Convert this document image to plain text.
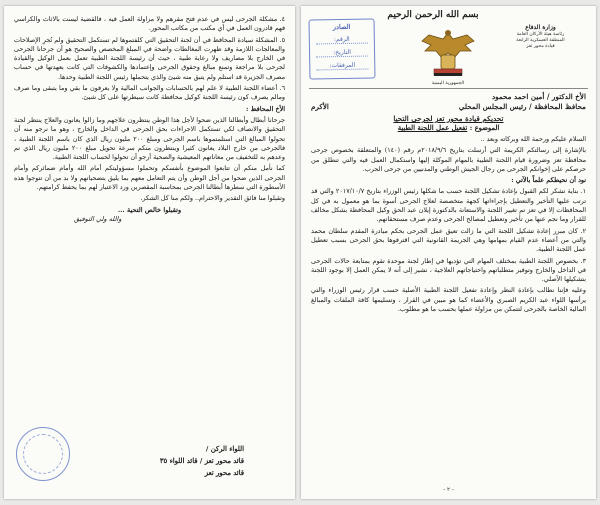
٤. مشكلة الجرحى ليس في عدم فتح مقرهم ولا مزاولة العمل فيه ، فالقضية ليست بالاثاث والكراسي فهم قادرون العمل في أي مكتب من مكاتب المحور.

٥. المشكلة سيادة المحافظ في أن لجنة التحقيق التي كلفتموها لم تستكمل التحقيق ولم تُجرِ الإصلاحات والمعالجات اللازمة وقد ظهرت المغالطات واضحة في المبلغ المخصص والصحيح هو أن جرحانا الجرحى في الخارج بلا مصاريف ولا رعاية طبية ، حيث أن رئيسة اللجنة الطبية تعمل بعمل الوكيل والقيادة لجرحى بلا مراجعة وتمنع مبالغ وحقوق الجرحى وإعتمادها والكشوفات التي كانت بعهدتها في حساب مصرف الجزيرة قد استلم ولم يتبق منه شيئ والذي يتحملها رئيس اللجنة الطبية وحدها.

٦. أعضاء اللجنة الطبية لا علم لهم بالحسابات والجوانب المالية ولا يعرفون ما بقي وما يتبقى وما صرف ومالم يصرف كون رئيسة اللجنة كوكيل محافظة كانت سيطرتها على كل شيئ.

الأخ المحافظ :

جرحانا أبطال وأبطالنا الذين ضحوا لأجل هذا الوطن ينتظرون علاجهم وما زالوا يعانون والعلاج ينتظر لجنة التحقيق والانصاف لكي تستكمل الاجراءات بحق الجرحى في الداخل والخارج ، وهو ما نرجو منه أن تحولوا المبالغ التي استلمتموها باسم الجرحى ومبلغ ٢٠٠ مليون ريال الذي كان باسم اللجنة الطبية ، فالجرحى من خارج البلاد يعانون كثيرا وينتظرون منكم سرعة تحويل مبلغ ٢٠٠ مليون ريال الذي تم وعدهم به للتخفيف من معاناتهم المعيشية والصحية أرجو أن تحولوا لحساب اللجنة الطبية.

كما نأمل منكم أن تتابعوا الموضوع بأنفسكم وتحملوا مسؤوليتكم أمام الله وأمام ضمائركم وأمام الجرحى الذين ضحوا من أجل الوطن وأن يتم التعامل معهم بما يليق بتضحياتهم ولا بد من أن تتوجوا هذه الأسطورة التي سطرها أبطالنا الجرحى بمحاسبة المقصرين ورد الاعتبار لهم بما يحفظ كرامتهم.

وتقبلوا منا فائق التقدير والاحترام.. ولكم منا كل الشكر.

وتقبلوا خالص التحية ...

والله ولي التوفيق

اللواء الركن /

قائد محور تعز / قائد اللواء ٣٥

قائد محور تعز

بسم الله الرحمن الرحيم
وزارة الدفاع
رئاسة هيئة الأركان العامة
المنطقة العسكرية الرابعة
قيادة محور تعز
الجمهورية اليمنية
الصادر
الرقم:
التاريخ:
المرفقات:

الأخ الدكتور / أمين احمد محمود

محافظ المحافظة / رئيس المجلس المحلي

الأكرم

تحديكم قيادة محور تعز لجرحى التحيا

الموضوع : تفعيل عمل اللجنة الطبية

السلام عليكم ورحمة الله وبركاته وبعد ..

بالإشارة إلى رسالتكم الكريمة التي أرسلت بتاريخ ٢٠١٨/٩/٦م رقم (١٤٠) والمتعلقة بخصوص جرحى محافظة تعز وضرورة قيام اللجنة الطبية بالمهام الموكلة إليها واستكمال العمل فيه والتي تنطلق من حرصكم على إخوانكم الجرحى من رجال الجيش الوطني والمدنيين من جرحى الحرب.

نود أن نحيطكم علماً بالآتي :

١. بناية تشكر لكم القبول بإعادة تشكيل اللجنة حسب ما شكلها رئيس الوزراء بتاريخ ٢٠١٧/١٠/٧ والتي قد ترتب عليها التأخير والتعطيل بإجراءاتها كجهة متخصصة لعلاج الجرحى أسوة بما هو معمول به في كل المحافظات إلا في تعز تم تغيير اللجنة والاستعانة بالدكتورة إيلان عبد الحق وكيل المحافظة بشكل مخالف للقرار وما نجم عنها من تأخير وتعطيل لمصالح الجرحى وعدم صرف مستحقاتهم.

٢. كان مبرر إعادة تشكيل اللجنة التي ما زالت تعيق عمل الجرحى بحكم مبادرة المقدم سلطان محمد والتي من أعضاء عدم القيام بمهامها وهي الجريمة القانونية التي اقترفوها بحق الجرحى بسبب تعطيل عمل اللجنة الطبية.

٣. بخصوص اللجنة الطبية بمختلف المهام التي تؤديها في إطار لجنة موحدة تقوم بمتابعة حالات الجرحى في الداخل والخارج وتوفير متطلباتهم واحتياجاتهم العلاجية ، نشير إلى أنه لا يمكن العمل إلا بوجود اللجنة بتشكيلها الأصلي.

وعليه فإننا نطالب بإعادة النظر وإعادة تفعيل اللجنة الطبية الأصلية حسب قرار رئيس الوزراء والتي يرأسها اللواء عبد الكريم الصبري والأعضاء كما هو مبين في القرار ، وتسليمها كافة الملفات والمبالغ المالية الخاصة بالجرحى لتتمكن من مزاولة عملها بحسب ما هو مطلوب.

- ٢ -
